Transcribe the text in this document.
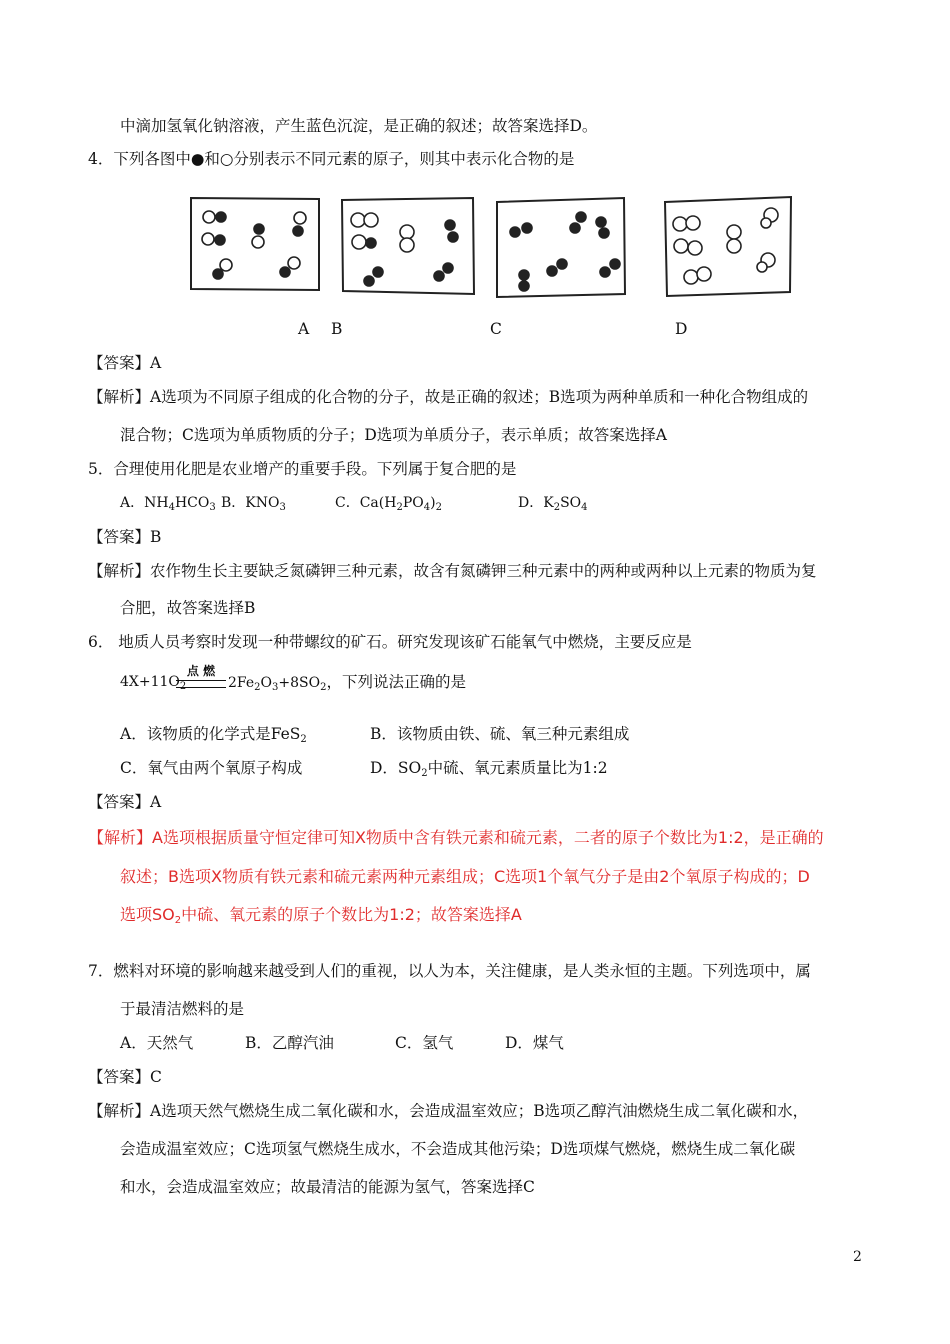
中滴加氢氧化钠溶液，产生蓝色沉淀，是正确的叙述；故答案选择D。
4．下列各图中●和○分别表示不同元素的原子，则其中表示化合物的是
A B	C	D
【答案】A
【解析】A选项为不同原子组成的化合物的分子，故是正确的叙述；B选项为两种单质和一种化合物组成的
混合物；C选项为单质物质的分子；D选项为单质分子，表示单质；故答案选择A
5．合理使用化肥是农业增产的重要手段。下列属于复合肥的是
A．$NH_4HCO_3$ B．$KNO_3$	C．$Ca(H_2PO_4)_2$	D．$K_2SO_4$
【答案】B
【解析】农作物生长主要缺乏氮磷钾三种元素，故含有氮磷钾三种元素中的两种或两种以上元素的物质为复
合肥，故答案选择B
6． 地质人员考察时发现一种带螺纹的矿石。研究发现该矿石能氧气中燃烧，主要反应是
点 燃
$4X+11O_2$	$2Fe_2O_3+8SO_2$，下列说法正确的是
A．该物质的化学式是FeS$_2$	B．该物质由铁、硫、氧三种元素组成
C．氧气由两个氧原子构成	D．$SO_2$中硫、氧元素质量比为1:2
【答案】A
【解析】A选项根据质量守恒定律可知X物质中含有铁元素和硫元素，二者的原子个数比为1:2，是正确的
叙述；B选项X物质有铁元素和硫元素两种元素组成；C选项1个氧气分子是由2个氧原子构成的；D
选项$SO_2$中硫、氧元素的原子个数比为1:2；故答案选择A
7．燃料对环境的影响越来越受到人们的重视，以人为本，关注健康，是人类永恒的主题。下列选项中，属
于最清洁燃料的是
A．天然气	B．乙醇汽油	C．氢气	D．煤气
【答案】C
【解析】A选项天然气燃烧生成二氧化碳和水，会造成温室效应；B选项乙醇汽油燃烧生成二氧化碳和水，
会造成温室效应；C选项氢气燃烧生成水，不会造成其他污染；D选项煤气燃烧，燃烧生成二氧化碳
和水，会造成温室效应；故最清洁的能源为氢气，答案选择C
2
